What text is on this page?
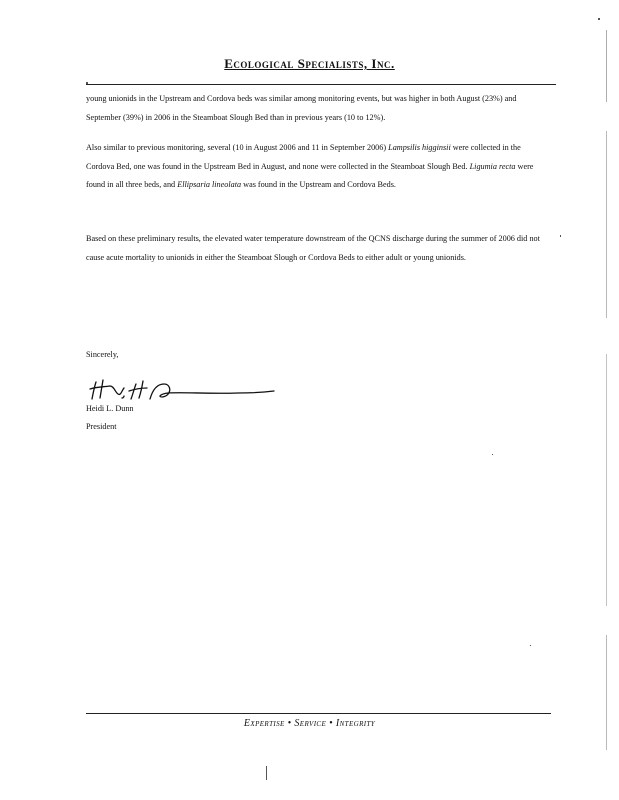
Ecological Specialists, Inc.

young unionids in the Upstream and Cordova beds was similar among monitoring events, but was higher in both August (23%) and September (39%) in 2006 in the Steamboat Slough Bed than in previous years (10 to 12%).

Also similar to previous monitoring, several (10 in August 2006 and 11 in September 2006) Lampsilis higginsii were collected in the Cordova Bed, one was found in the Upstream Bed in August, and none were collected in the Steamboat Slough Bed. Ligumia recta were found in all three beds, and Ellipsaria lineolata was found in the Upstream and Cordova Beds.

Based on these preliminary results, the elevated water temperature downstream of the QCNS discharge during the summer of 2006 did not cause acute mortality to unionids in either the Steamboat Slough or Cordova Beds to either adult or young unionids.

Sincerely,
Heidi L. Dunn
President
Expertise • Service • Integrity
